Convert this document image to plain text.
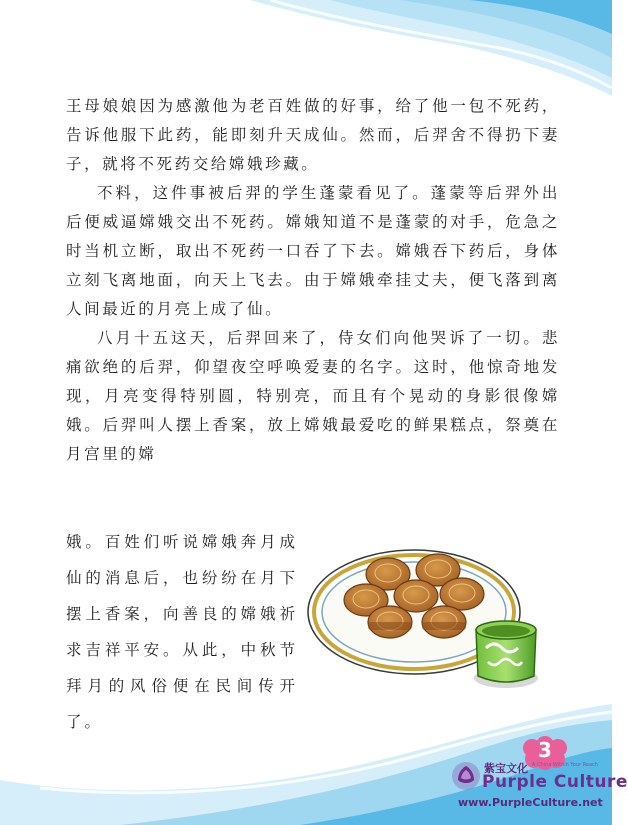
王母娘娘因为感激他为老百姓做的好事，给了他一包不死药，告诉他服下此药，能即刻升天成仙。然而，后羿舍不得扔下妻子，就将不死药交给嫦娥珍藏。

不料，这件事被后羿的学生蓬蒙看见了。蓬蒙等后羿外出后便威逼嫦娥交出不死药。嫦娥知道不是蓬蒙的对手，危急之时当机立断，取出不死药一口吞了下去。嫦娥吞下药后，身体立刻飞离地面，向天上飞去。由于嫦娥牵挂丈夫，便飞落到离人间最近的月亮上成了仙。

八月十五这天，后羿回来了，侍女们向他哭诉了一切。悲痛欲绝的后羿，仰望夜空呼唤爱妻的名字。这时，他惊奇地发现，月亮变得特别圆，特别亮，而且有个晃动的身影很像嫦娥。后羿叫人摆上香案，放上嫦娥最爱吃的鲜果糕点，祭奠在月宫里的嫦

娥。百姓们听说嫦娥奔月成仙的消息后，也纷纷在月下摆上香案，向善良的嫦娥祈求吉祥平安。从此，中秋节拜月的风俗便在民间传开了。

3
紫宝文化 A China Within Your Reach
Purple Culture
www.PurpleCulture.net
